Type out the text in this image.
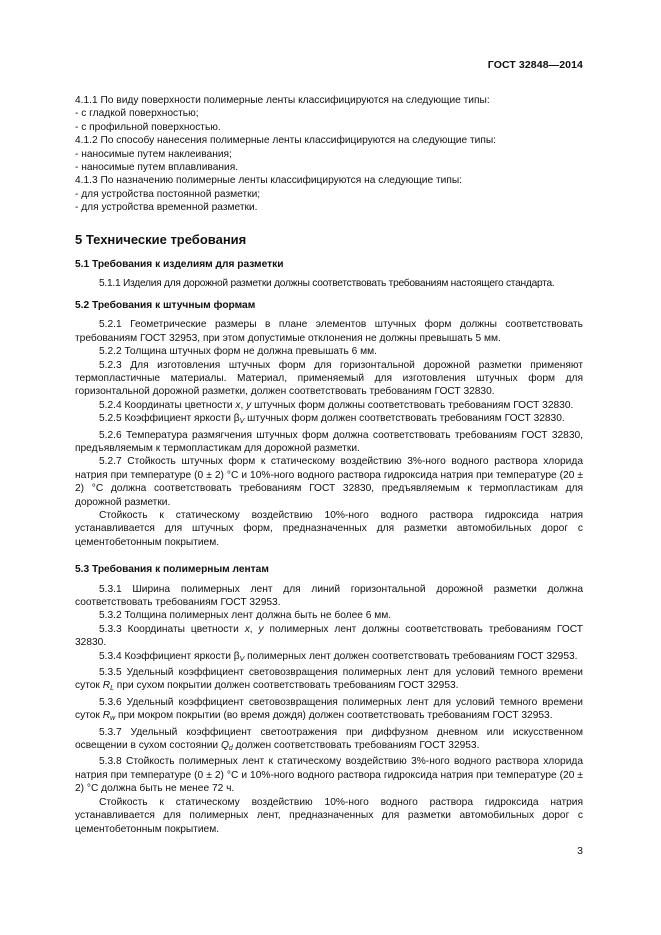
ГОСТ 32848—2014

4.1.1 По виду поверхности полимерные ленты классифицируются на следующие типы:

- с гладкой поверхностью;

- с профильной поверхностью.

4.1.2 По способу нанесения полимерные ленты классифицируются на следующие типы:

- наносимые путем наклеивания;

- наносимые путем вплавливания.

4.1.3 По назначению полимерные ленты классифицируются на следующие типы:

- для устройства постоянной разметки;

- для устройства временной разметки.

5 Технические требования
5.1 Требования к изделиям для разметки

5.1.1 Изделия для дорожной разметки должны соответствовать требованиям настоящего стандарта.

5.2 Требования к штучным формам

5.2.1 Геометрические размеры в плане элементов штучных форм должны соответствовать требованиям ГОСТ 32953, при этом допустимые отклонения не должны превышать 5 мм.

5.2.2 Толщина штучных форм не должна превышать 6 мм.

5.2.3 Для изготовления штучных форм для горизонтальной дорожной разметки применяют термопластичные материалы. Материал, применяемый для изготовления штучных форм для горизонтальной дорожной разметки, должен соответствовать требованиям ГОСТ 32830.

5.2.4 Координаты цветности x, y штучных форм должны соответствовать требованиям ГОСТ 32830.

5.2.5 Коэффициент яркости $\beta_V$ штучных форм должен соответствовать требованиям ГОСТ 32830.

5.2.6 Температура размягчения штучных форм должна соответствовать требованиям ГОСТ 32830, предъявляемым к термопластикам для дорожной разметки.

5.2.7 Стойкость штучных форм к статическому воздействию 3%-ного водного раствора хлорида натрия при температуре (0 ± 2) °С и 10%-ного водного раствора гидроксида натрия при температуре (20 ± 2) °С должна соответствовать требованиям ГОСТ 32830, предъявляемым к термопластикам для дорожной разметки.

Стойкость к статическому воздействию 10%-ного водного раствора гидроксида натрия устанавливается для штучных форм, предназначенных для разметки автомобильных дорог с цементобетонным покрытием.

5.3 Требования к полимерным лентам

5.3.1 Ширина полимерных лент для линий горизонтальной дорожной разметки должна соответствовать требованиям ГОСТ 32953.

5.3.2 Толщина полимерных лент должна быть не более 6 мм.

5.3.3 Координаты цветности x, y полимерных лент должны соответствовать требованиям ГОСТ 32830.

5.3.4 Коэффициент яркости $\beta_V$ полимерных лент должен соответствовать требованиям ГОСТ 32953.

5.3.5 Удельный коэффициент световозвращения полимерных лент для условий темного времени суток $R_L$ при сухом покрытии должен соответствовать требованиям ГОСТ 32953.

5.3.6 Удельный коэффициент световозвращения полимерных лент для условий темного времени суток $R_w$ при мокром покрытии (во время дождя) должен соответствовать требованиям ГОСТ 32953.

5.3.7 Удельный коэффициент светоотражения при диффузном дневном или искусственном освещении в сухом состоянии $Q_d$ должен соответствовать требованиям ГОСТ 32953.

5.3.8 Стойкость полимерных лент к статическому воздействию 3%-ного водного раствора хлорида натрия при температуре (0 ± 2) °С и 10%-ного водного раствора гидроксида натрия при температуре (20 ± 2) °С должна быть не менее 72 ч.

Стойкость к статическому воздействию 10%-ного водного раствора гидроксида натрия устанавливается для полимерных лент, предназначенных для разметки автомобильных дорог с цементобетонным покрытием.

3
